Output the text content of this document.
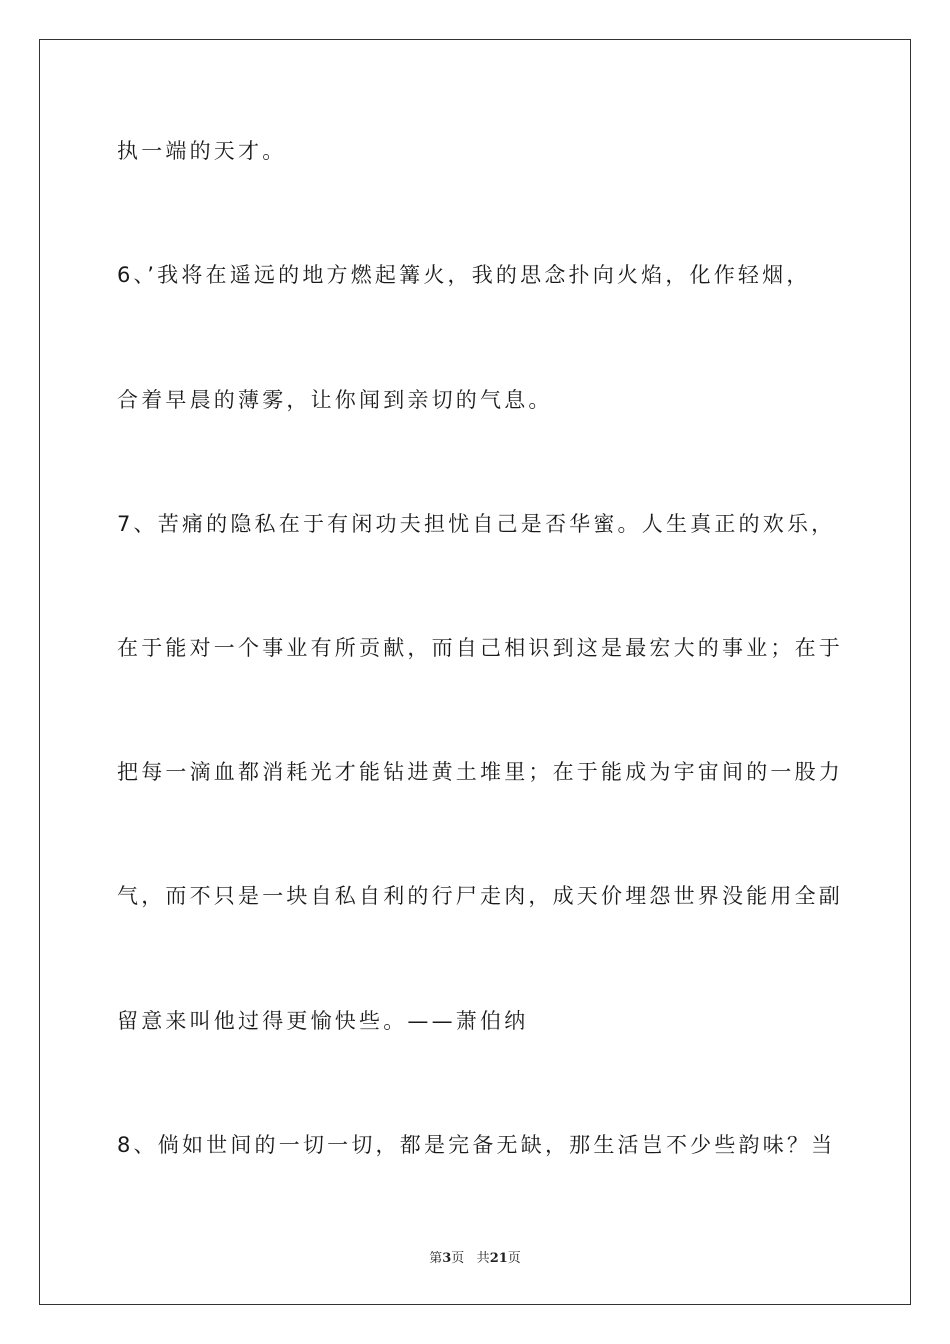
执一端的天才。
6、’我将在遥远的地方燃起篝火，我的思念扑向火焰，化作轻烟，
合着早晨的薄雾，让你闻到亲切的气息。
7、苦痛的隐私在于有闲功夫担忧自己是否华蜜。人生真正的欢乐，
在于能对一个事业有所贡献，而自己相识到这是最宏大的事业；在于
把每一滴血都消耗光才能钻进黄土堆里；在于能成为宇宙间的一股力
气，而不只是一块自私自利的行尸走肉，成天价埋怨世界没能用全副
留意来叫他过得更愉快些。——萧伯纳
8、倘如世间的一切一切，都是完备无缺，那生活岂不少些韵味？当
第3页 共21页
